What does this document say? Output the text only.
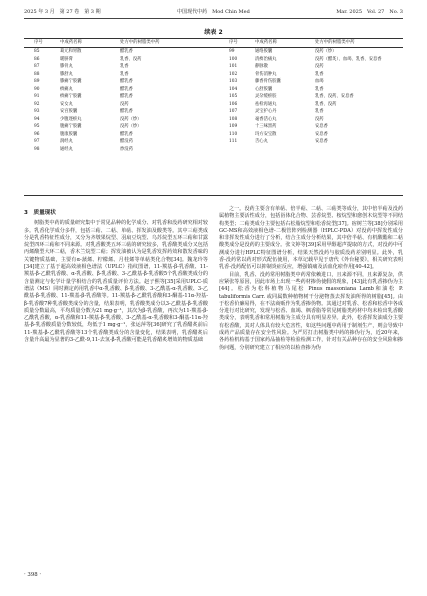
2025 年 3 月　第 27 卷　第 3 期	中国现代中药　Mod Chin Med	Mar. 2025　Vol. 27　No. 3
续表 2
序号	中成药名称	处方中的树脂类中药
85	葛元和胃散	醋乳香
86	暖脐膏	乳香、没药
87	膝骨丸	乳香
88	膝舒丸	乳香
89	膝痛宁胶囊	醋乳香
90	痹痛丸	醋乳香
91	痹痛宁胶囊	醋乳香
92	安女丸	没药
93	安宫胶囊	醋乳香
94	少腹逐瘀丸	没药（炒）
95	腹痛宁胶囊	没药（炒）
96	腹康胶囊	醋乳香
97	润经丸	醋没药
98	通经丸	炒没药
序号	中成药名称	处方中的树脂类中药
99	通络胶囊	没药（炒）
100	清痹治痛丸	没药（醋炙）、血竭、乳香、安息香
101	静脉散	没药
102	骨伤消肿丸	乳香
103	藤香骨伤胶囊	血竭
104	心舒胶囊	乳香
105	灵杂缓瘀胶	乳香、没药、安息香
106	祛栓再通丸	乳香、没药
107	灵宝护心丹	乳香
108	毫香活心丸	没药
109	十三味黑药	安息香
110	玛方安宝散	安息香
111	舌心丸	安息香
3　质量现状

树脂类中药的质量研究集中于常见品种的化学成分、对乳香和没药研究相对较多。乳香化学成分多样，包括三萜、二萜、单萜、挥发油及酸类等。其中三萜类成分是乳香特征性成分，又分为齐墩果烷型、羽扇豆烷型、乌苏烷型五环三萜和甘露烷型四环三萜和不同来源。对乳香酸类五环三萜的研究较多，乳香酸类成分又包括丙烯酸型大环二萜，香木兰烷型二萜；挥发油被认为是乳香发挥药效和散发香味的关键物质基础，主要有α-蒎烯、柠檬烯、月桂烯等单萜类化合物[34]。魏龙玲等[34]建立了基于超高效液相色谱法（UPLC）指纹图谱，11-羰基-β-乳香酸、11-羰基-β-乙酰乳香酸、α-乳香酸、β-乳香酸、3-乙酰基-β-乳香酸5个乳香酸类成分的含量测定与化学计量学相结合的乳香质量评价方法。赵子熙等[35]采用UPLC-质谱法（MS）同时测定药用乳香中α-乳香酸、β-乳香酸、3-乙酰基-α-乳香酸、3-乙酰基-β-乳香酸、11-羰基-β-乳香酸等。11-羰基-β-乙酰乳香酸和3-酮基-11α-羟基-β-乳香酸7种乳香酸类成分的含量，结果表明，乳香酸类成分以3-乙酰基-β-乳香酸质量分数最高，平均质量分数为21 mg·g⁻¹，其次为β-乳香酸，再次为11-羰基-β-乙酰乳香酸，α-乳香酸和11-羰基-β-乳香酸、3-乙酰基-α-乳香酸和3-酮基-11α-羟基-β-乳香酸质量分数较低，均低于1 mg·g⁻¹，张运萍等[36]研究了乳香醋炙前后11-羰基-β-乙酰乳香酸等13个乳香酸类成分的含量变化，结果表明，乳香醋炙后含量升高最为显著的3-乙酰-9,11-去氢-β-乳香酸可能是乳香醋炙增效的物质基础

之一。没药主要含有单萜、倍半萜、二萜、三萜类等成分，其中倍半萜及没药属植物主要活性成分，包括甾体化合物、芸香烷型、桉烷型和愈创木烷型等不同结构类型；二萜类成分主要包括右松脂烷型和松香烷型[37]。宿树兰等[38]分别采用GC-MS和高效液相色谱-二极管阵列检测器（HPLC-PDA）对没药中挥发性成分和非挥发性成分进行了分析，结合主成分分析结果，其中倍半萜、有机酸酯和二萜酸类成分是没药的主要成分。张文婷等[39]采用甲醇超声提取的方式，对没药中可测成分进行HPLC特征图谱分析，结果天然没药与胶质没药差别明显。此外，乳香-没药常以药对形式配伍使用，本草记载早见于唐代《外台秘要》，相关研究表明乳香-没药配伍可以抑制炎症反应，增强镇痛及活血化瘀作用[40-42]。

目前，乳香、没药常用树脂类中药常依赖进口，且来源不同，且来源复杂，供应紧张等原因，因此市场上出现一些药材掺伪使假的现象，[43]此有乳香掺伪为主[44]。松香为松科植物马尾松 Pinus massoniana Lamb和油松 P. tabuliformis Carr. 或同属数种植物树干分泌物蒸去挥发油所得的树脂[45]。由于松香价廉易得，在不法商贩作为乳香掺伪物。其通过对乳香、松香和松香中各成分进行对比研究，发现与松香、血竭、枫香脂等常见树脂类药材中均未检出乳香酸类成分，表明乳香和常用树脂为主成分具有明显差异。此外，松香挥发油成分主要有松香酸，其对人体具有较大危害性，如这些问题中药用于制剂生产，则会导致中成药产品质量存在安全性风险。为严厉打击树脂类中药的掺伪行为，近20年来，各药检机构基于国家药品抽检等检验检测工作，针对有关品种存在的安全风险和掺伪问题，分别研究建立了相应的以检查掺为伪

· 398 ·
